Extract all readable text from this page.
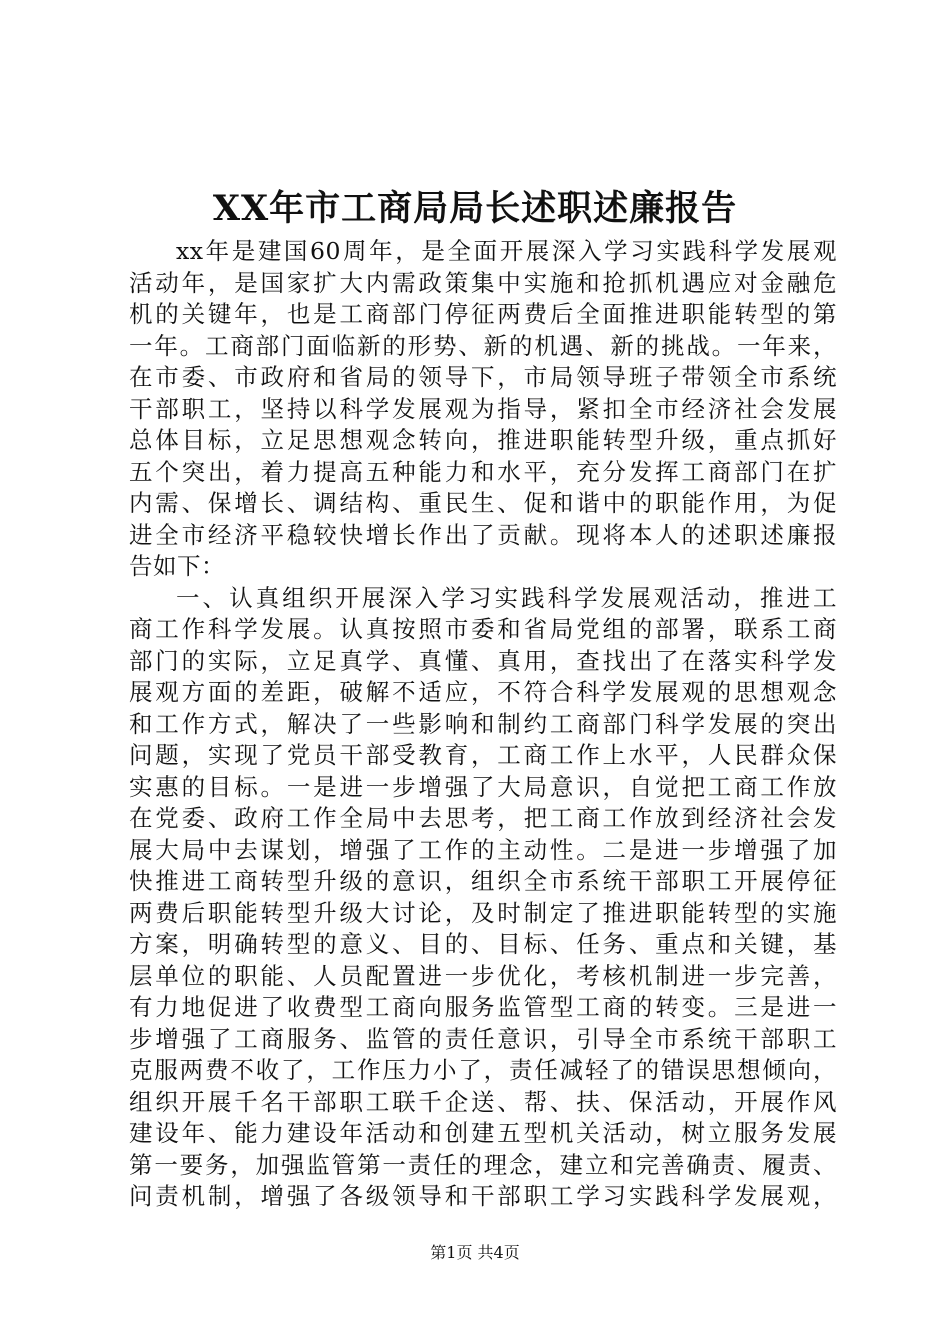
XX年市工商局局长述职述廉报告
xx年是建国60周年，是全面开展深入学习实践科学发展观
活动年，是国家扩大内需政策集中实施和抢抓机遇应对金融危
机的关键年，也是工商部门停征两费后全面推进职能转型的第
一年。工商部门面临新的形势、新的机遇、新的挑战。一年来，
在市委、市政府和省局的领导下，市局领导班子带领全市系统
干部职工，坚持以科学发展观为指导，紧扣全市经济社会发展
总体目标，立足思想观念转向，推进职能转型升级，重点抓好
五个突出，着力提高五种能力和水平，充分发挥工商部门在扩
内需、保增长、调结构、重民生、促和谐中的职能作用，为促
进全市经济平稳较快增长作出了贡献。现将本人的述职述廉报
告如下：
一、认真组织开展深入学习实践科学发展观活动，推进工
商工作科学发展。认真按照市委和省局党组的部署，联系工商
部门的实际，立足真学、真懂、真用，查找出了在落实科学发
展观方面的差距，破解不适应，不符合科学发展观的思想观念
和工作方式，解决了一些影响和制约工商部门科学发展的突出
问题，实现了党员干部受教育，工商工作上水平，人民群众保
实惠的目标。一是进一步增强了大局意识，自觉把工商工作放
在党委、政府工作全局中去思考，把工商工作放到经济社会发
展大局中去谋划，增强了工作的主动性。二是进一步增强了加
快推进工商转型升级的意识，组织全市系统干部职工开展停征
两费后职能转型升级大讨论，及时制定了推进职能转型的实施
方案，明确转型的意义、目的、目标、任务、重点和关键，基
层单位的职能、人员配置进一步优化，考核机制进一步完善，
有力地促进了收费型工商向服务监管型工商的转变。三是进一
步增强了工商服务、监管的责任意识，引导全市系统干部职工
克服两费不收了，工作压力小了，责任减轻了的错误思想倾向，
组织开展千名干部职工联千企送、帮、扶、保活动，开展作风
建设年、能力建设年活动和创建五型机关活动，树立服务发展
第一要务，加强监管第一责任的理念，建立和完善确责、履责、
问责机制，增强了各级领导和干部职工学习实践科学发展观，
第1页 共4页
